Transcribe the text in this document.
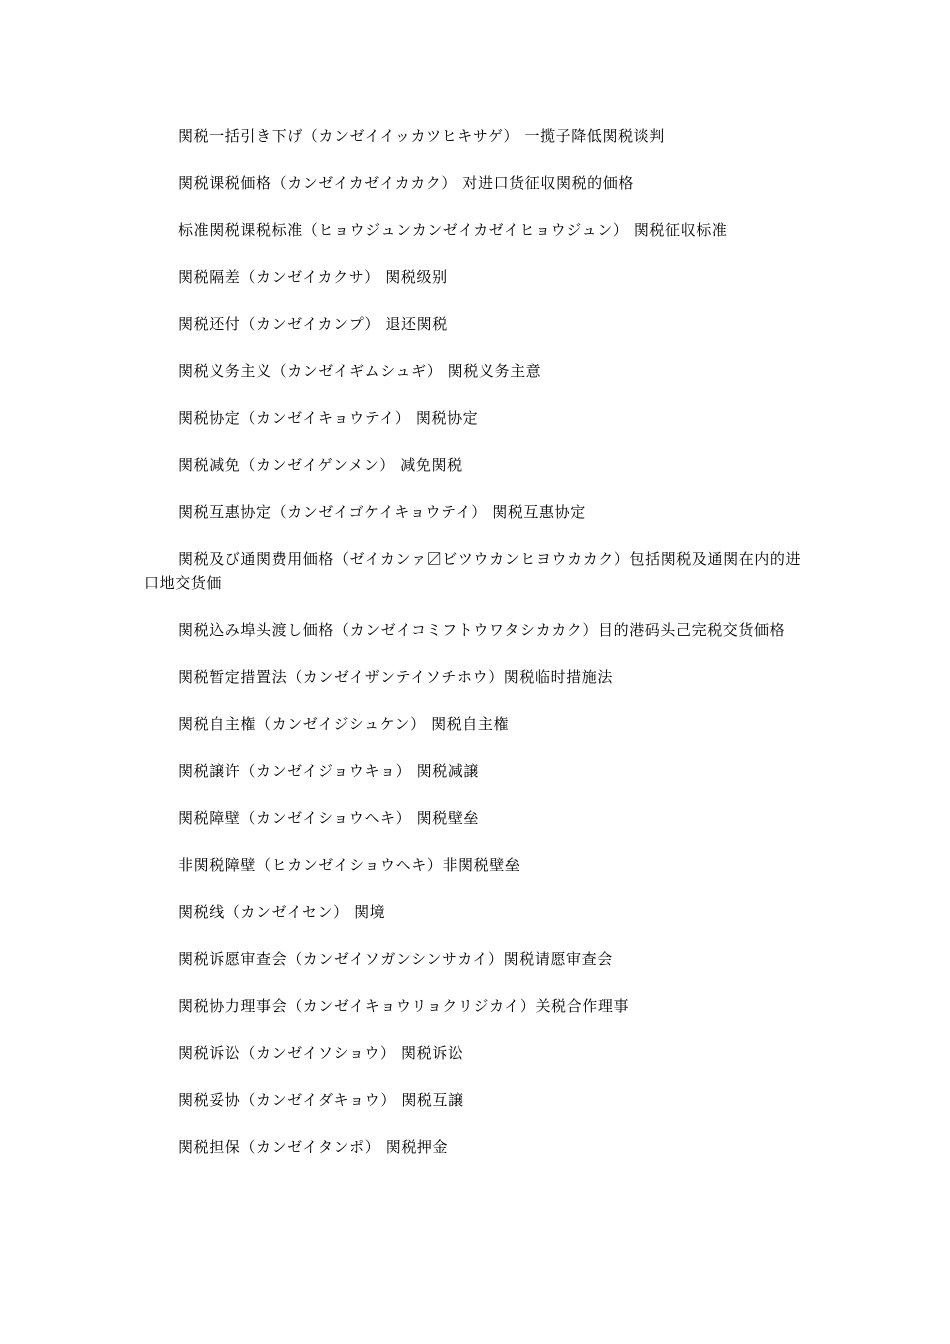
関税一括引き下げ（カンゼイイッカツヒキサゲ） 一揽子降低関税谈判

関税课税価格（カンゼイカゼイカカク） 对进口货征収関税的価格

标准関税课税标准（ヒョウジュンカンゼイカゼイヒョウジュン） 関税征収标准

関税隔差（カンゼイカクサ） 関税级别

関税还付（カンゼイカンプ） 退还関税

関税义务主义（カンゼイギムシュギ） 関税义务主意

関税协定（カンゼイキョウテイ） 関税协定

関税减免（カンゼイゲンメン） 减免関税

関税互惠协定（カンゼイゴケイキョウテイ） 関税互惠协定

関税及び通関费用価格（ゼイカンァ〼ビツウカンヒヨウカカク）包括関税及通関在内的进口地交货価

関税込み埠头渡し価格（カンゼイコミフトウワタシカカク）目的港码头己完税交货価格

関税暂定措置法（カンゼイザンテイソチホウ）関税临时措施法

関税自主権（カンゼイジシュケン） 関税自主権

関税譲许（カンゼイジョウキョ） 関税减譲

関税障壁（カンゼイショウヘキ） 関税壁垒

非関税障壁（ヒカンゼイショウヘキ）非関税壁垒

関税线（カンゼイセン） 関境

関税诉愿审查会（カンゼイソガンシンサカイ）関税请愿审查会

関税协力理事会（カンゼイキョウリョクリジカイ）关税合作理事

関税诉讼（カンゼイソショウ） 関税诉讼

関税妥协（カンゼイダキョウ） 関税互譲

関税担保（カンゼイタンポ） 関税押金
